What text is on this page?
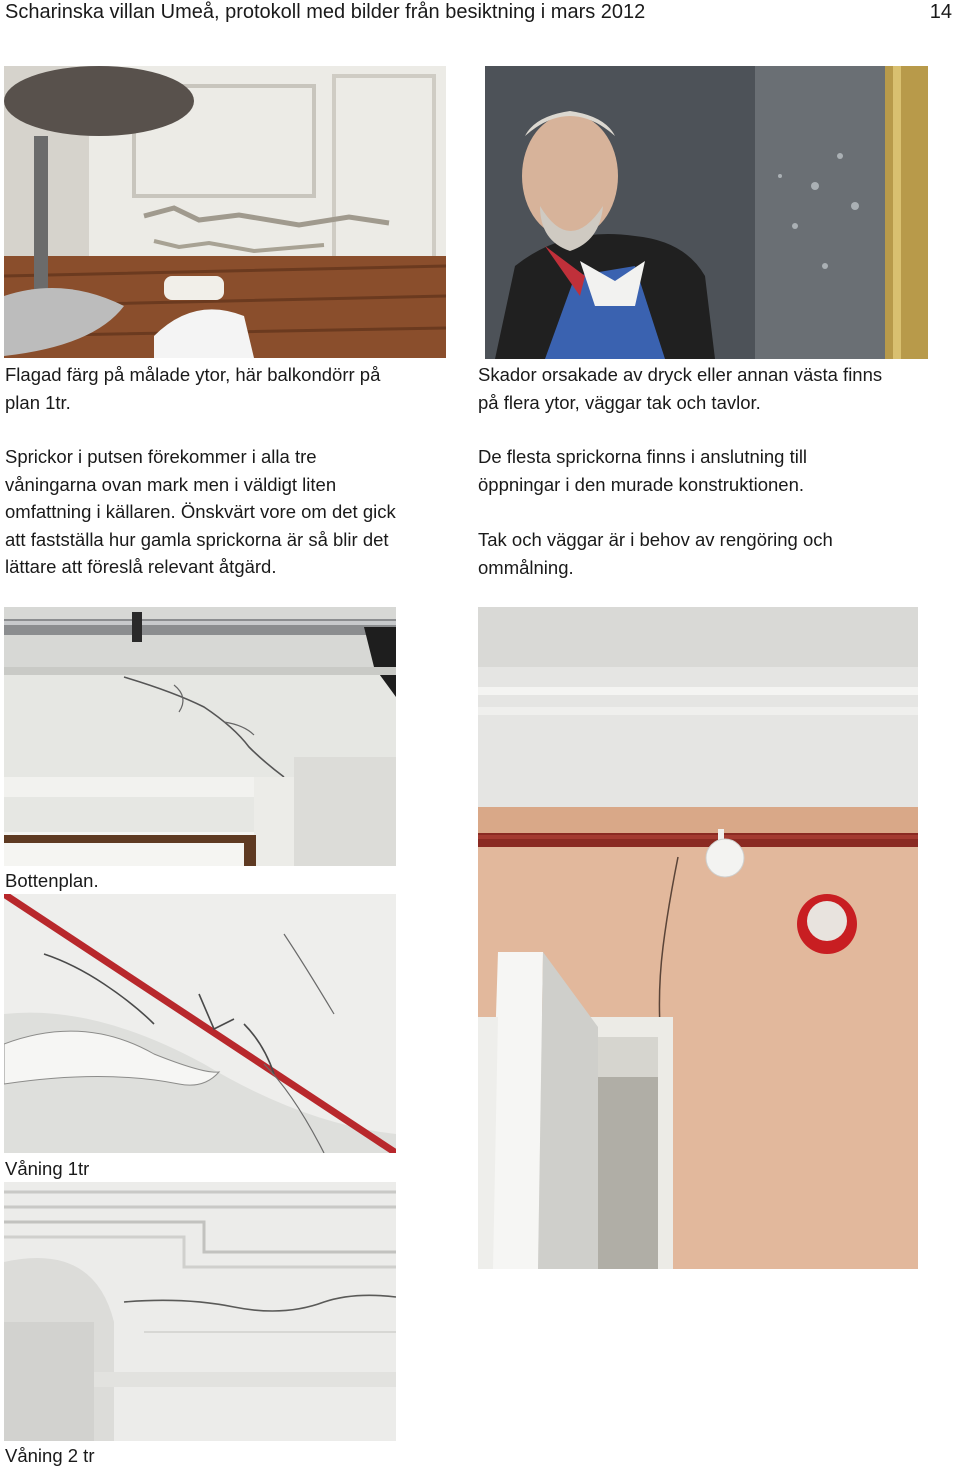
Scharinska villan Umeå, protokoll med bilder från besiktning i mars 2012	14
Flagad färg på målade ytor, här balkondörr på
plan 1tr.
Sprickor i putsen förekommer i alla tre
våningarna ovan mark men i väldigt liten
omfattning i källaren. Önskvärt vore om det gick
att fastställa hur gamla sprickorna är så blir det
lättare att föreslå relevant åtgärd.
Skador orsakade av dryck eller annan västa finns
på flera ytor, väggar tak och tavlor.
De flesta sprickorna finns i anslutning till
öppningar i den murade konstruktionen.
Tak och väggar är i behov av rengöring och
ommålning.
Bottenplan.
Våning 1tr
Våning 2 tr
